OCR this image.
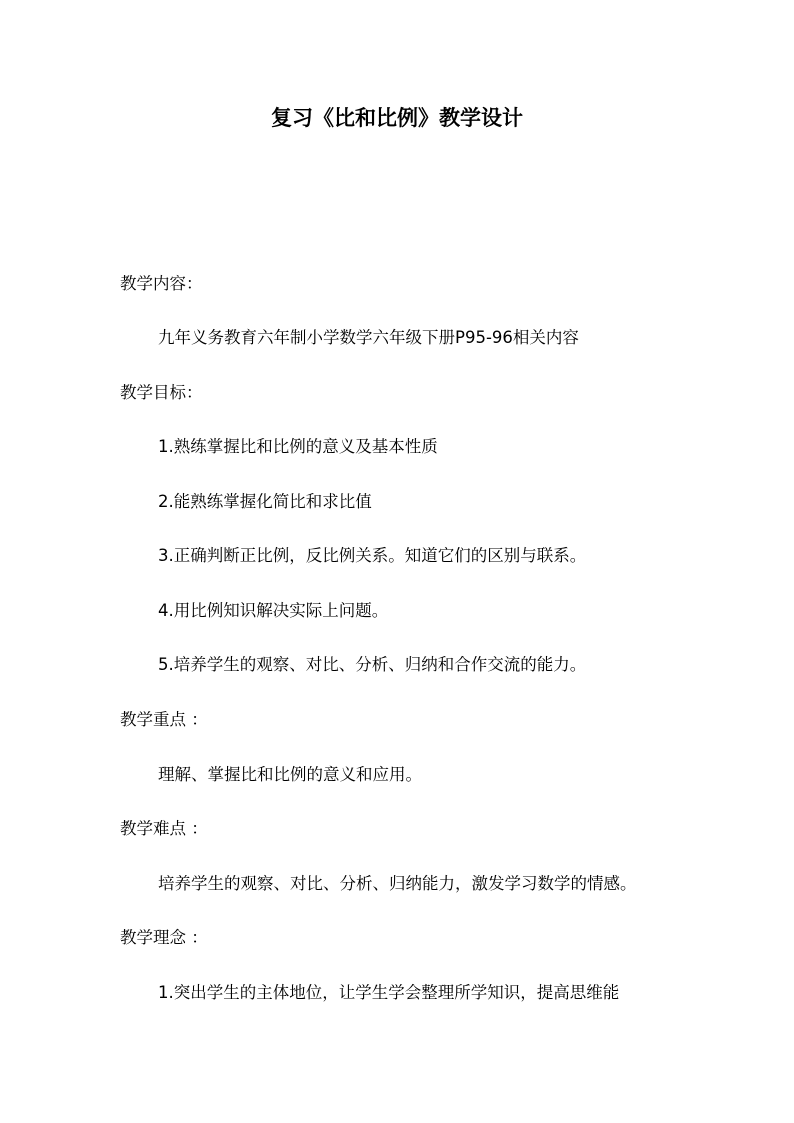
复习《比和比例》教学设计
教学内容：
九年义务教育六年制小学数学六年级下册P95-96相关内容
教学目标：
1.熟练掌握比和比例的意义及基本性质
2.能熟练掌握化简比和求比值
3.正确判断正比例，反比例关系。知道它们的区别与联系。
4.用比例知识解决实际上问题。
5.培养学生的观察、对比、分析、归纳和合作交流的能力。
教学重点 ：
理解、掌握比和比例的意义和应用。
教学难点 ：
培养学生的观察、对比、分析、归纳能力，激发学习数学的情感。
教学理念 ：
1.突出学生的主体地位，让学生学会整理所学知识，提高思维能
